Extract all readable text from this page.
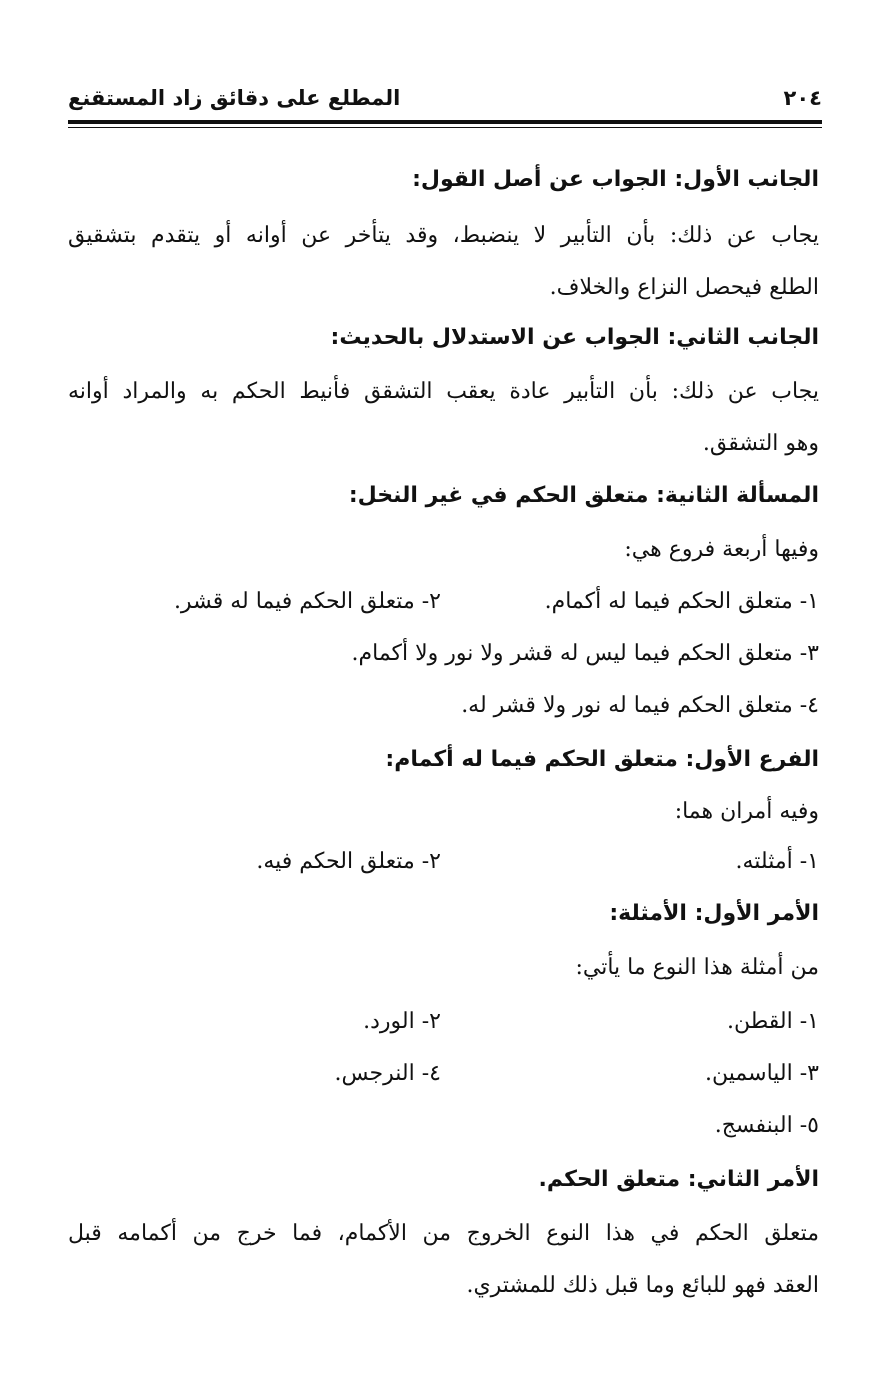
٢٠٤
المطلع على دقائق زاد المستقنع
الجانب الأول: الجواب عن أصل القول:
يجاب عن ذلك: بأن التأبير لا ينضبط، وقد يتأخر عن أوانه أو يتقدم بتشقيق
الطلع فيحصل النزاع والخلاف.
الجانب الثاني: الجواب عن الاستدلال بالحديث:
يجاب عن ذلك: بأن التأبير عادة يعقب التشقق فأنيط الحكم به والمراد أوانه
وهو التشقق.
المسألة الثانية: متعلق الحكم في غير النخل:
وفيها أربعة فروع هي:
١- متعلق الحكم فيما له أكمام.
٢- متعلق الحكم فيما له قشر.
٣- متعلق الحكم فيما ليس له قشر ولا نور ولا أكمام.
٤- متعلق الحكم فيما له نور ولا قشر له.
الفرع الأول: متعلق الحكم فيما له أكمام:
وفيه أمران هما:
١- أمثلته.
٢- متعلق الحكم فيه.
الأمر الأول: الأمثلة:
من أمثلة هذا النوع ما يأتي:
١- القطن.
٢- الورد.
٣- الياسمين.
٤- النرجس.
٥- البنفسج.
الأمر الثاني: متعلق الحكم.
متعلق الحكم في هذا النوع الخروج من الأكمام، فما خرج من أكمامه قبل
العقد فهو للبائع وما قبل ذلك للمشتري.
